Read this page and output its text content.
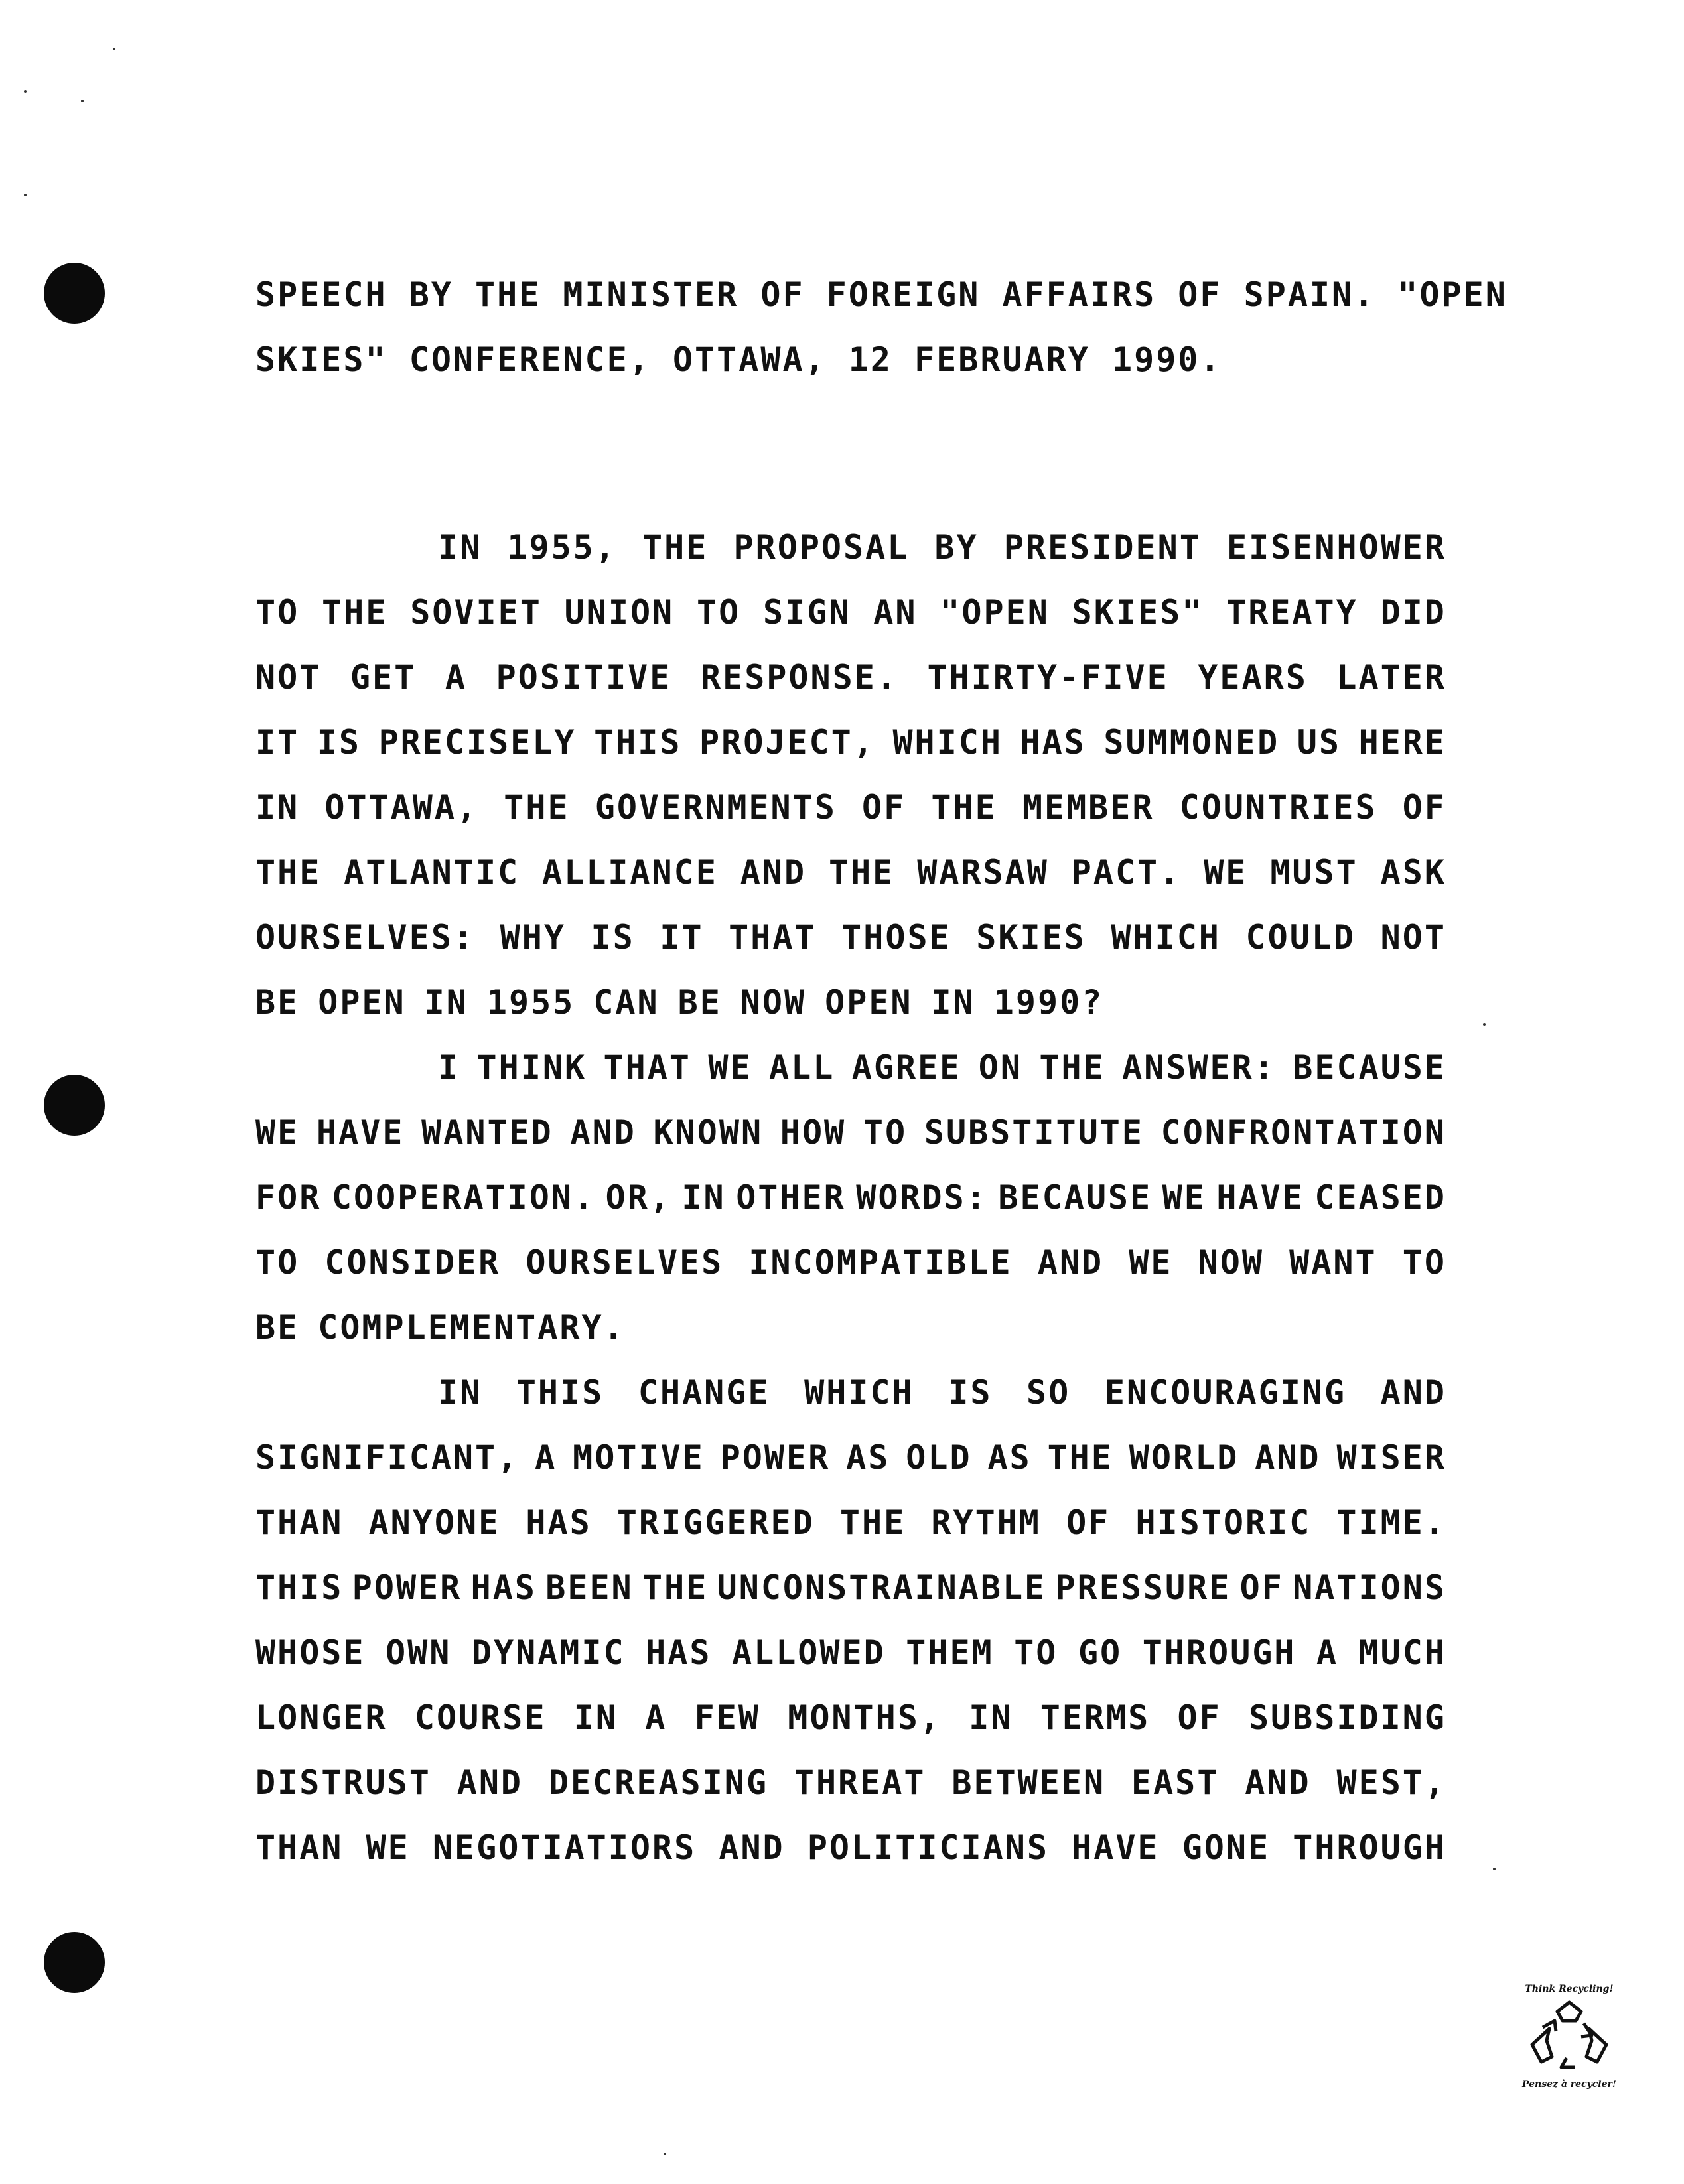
SPEECH BY THE MINISTER OF FOREIGN AFFAIRS OF SPAIN. "OPEN
SKIES" CONFERENCE, OTTAWA, 12 FEBRUARY 1990.
IN 1955, THE PROPOSAL BY PRESIDENT EISENHOWER
TO THE SOVIET UNION TO SIGN AN "OPEN SKIES" TREATY DID
NOT GET A POSITIVE RESPONSE. THIRTY-FIVE YEARS LATER
IT IS PRECISELY THIS PROJECT, WHICH HAS SUMMONED US HERE
IN OTTAWA, THE GOVERNMENTS OF THE MEMBER COUNTRIES OF
THE ATLANTIC ALLIANCE AND THE WARSAW PACT. WE MUST ASK
OURSELVES: WHY IS IT THAT THOSE SKIES WHICH COULD NOT
BE OPEN IN 1955 CAN BE NOW OPEN IN 1990?
I THINK THAT WE ALL AGREE ON THE ANSWER: BECAUSE
WE HAVE WANTED AND KNOWN HOW TO SUBSTITUTE CONFRONTATION
FOR COOPERATION. OR, IN OTHER WORDS: BECAUSE WE HAVE CEASED
TO CONSIDER OURSELVES INCOMPATIBLE AND WE NOW WANT TO
BE COMPLEMENTARY.
IN THIS CHANGE WHICH IS SO ENCOURAGING AND
SIGNIFICANT, A MOTIVE POWER AS OLD AS THE WORLD AND WISER
THAN ANYONE HAS TRIGGERED THE RYTHM OF HISTORIC TIME.
THIS POWER HAS BEEN THE UNCONSTRAINABLE PRESSURE OF NATIONS
WHOSE OWN DYNAMIC HAS ALLOWED THEM TO GO THROUGH A MUCH
LONGER COURSE IN A FEW MONTHS, IN TERMS OF SUBSIDING
DISTRUST AND DECREASING THREAT BETWEEN EAST AND WEST,
THAN WE NEGOTIATIORS AND POLITICIANS HAVE GONE THROUGH
Think Recycling!
Pensez à recycler!
